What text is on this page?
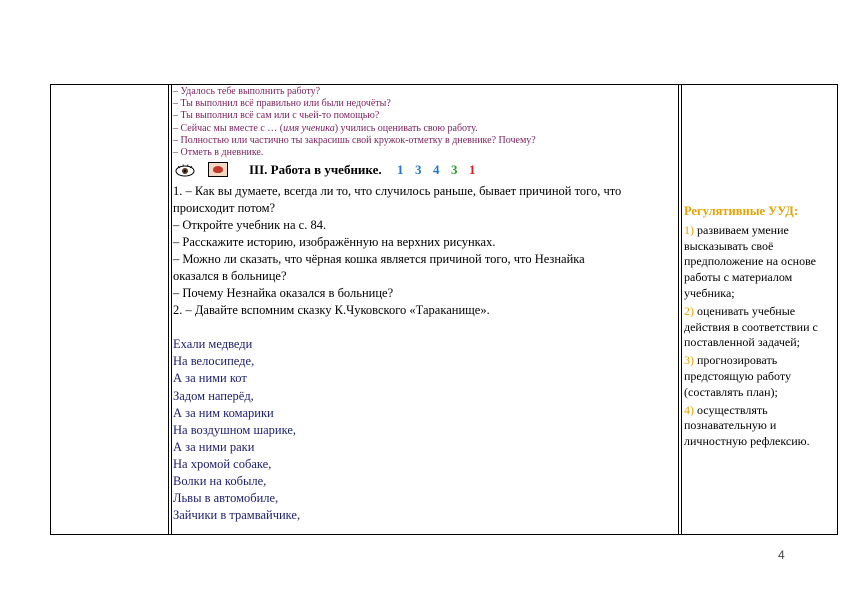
– Удалось тебе выполнить работу?
– Ты выполнил всё правильно или были недочёты?
– Ты выполнил всё сам или с чьей-то помощью?
– Сейчас мы вместе с … (имя ученика) учились оценивать свою работу.
– Полностью или частично ты закрасишь свой кружок-отметку в дневнике? Почему?
– Отметь в дневнике.
III. Работа в учебнике. 1 3 4 3 1
1. – Как вы думаете, всегда ли то, что случилось раньше, бывает причиной того, что
происходит потом?
– Откройте учебник на с. 84.
– Расскажите историю, изображённую на верхних рисунках.
– Можно ли сказать, что чёрная кошка является причиной того, что Незнайка
оказался в больнице?
– Почему Незнайка оказался в больнице?
2. – Давайте вспомним сказку К.Чуковского «Тараканище».
Ехали медведи
На велосипеде,
А за ними кот
Задом наперёд,
А за ним комарики
На воздушном шарике,
А за ними раки
На хромой собаке,
Волки на кобыле,
Львы в автомобиле,
Зайчики в трамвайчике,
Регулятивные УУД:
1) развиваем умение высказывать своё предположение на основе работы с материалом учебника;
2) оценивать учебные действия в соответствии с поставленной задачей;
3) прогнозировать предстоящую работу (составлять план);
4) осуществлять познавательную и личностную рефлексию.
4
